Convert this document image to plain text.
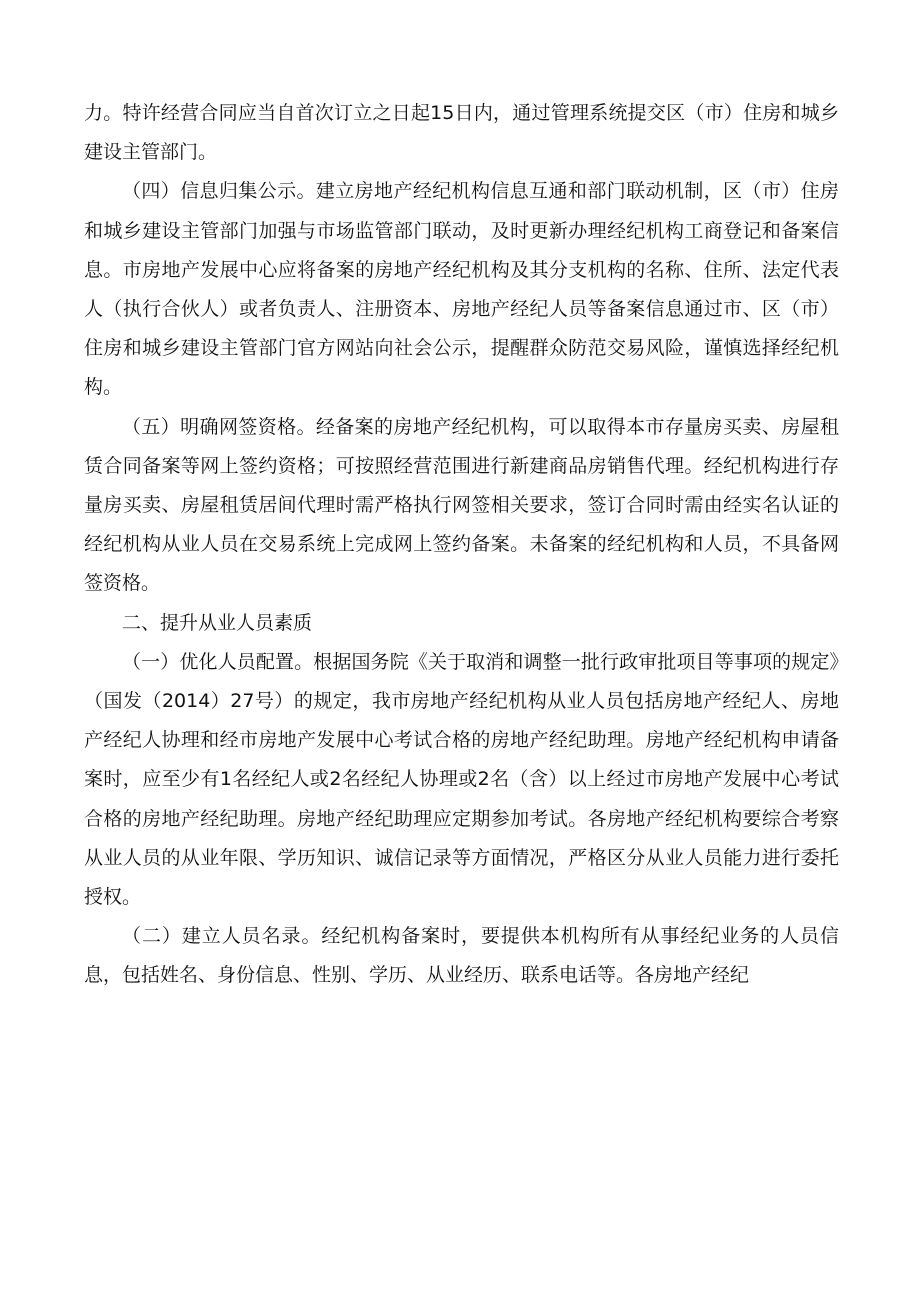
力。特许经营合同应当自首次订立之日起15日内，通过管理系统提交区（市）住房和城乡建设主管部门。

（四）信息归集公示。建立房地产经纪机构信息互通和部门联动机制，区（市）住房和城乡建设主管部门加强与市场监管部门联动，及时更新办理经纪机构工商登记和备案信息。市房地产发展中心应将备案的房地产经纪机构及其分支机构的名称、住所、法定代表人（执行合伙人）或者负责人、注册资本、房地产经纪人员等备案信息通过市、区（市）住房和城乡建设主管部门官方网站向社会公示，提醒群众防范交易风险，谨慎选择经纪机构。

（五）明确网签资格。经备案的房地产经纪机构，可以取得本市存量房买卖、房屋租赁合同备案等网上签约资格；可按照经营范围进行新建商品房销售代理。经纪机构进行存量房买卖、房屋租赁居间代理时需严格执行网签相关要求，签订合同时需由经实名认证的经纪机构从业人员在交易系统上完成网上签约备案。未备案的经纪机构和人员，不具备网签资格。

二、提升从业人员素质

（一）优化人员配置。根据国务院《关于取消和调整一批行政审批项目等事项的规定》（国发（2014）27号）的规定，我市房地产经纪机构从业人员包括房地产经纪人、房地产经纪人协理和经市房地产发展中心考试合格的房地产经纪助理。房地产经纪机构申请备案时，应至少有1名经纪人或2名经纪人协理或2名（含）以上经过市房地产发展中心考试合格的房地产经纪助理。房地产经纪助理应定期参加考试。各房地产经纪机构要综合考察从业人员的从业年限、学历知识、诚信记录等方面情况，严格区分从业人员能力进行委托授权。

（二）建立人员名录。经纪机构备案时，要提供本机构所有从事经纪业务的人员信息，包括姓名、身份信息、性别、学历、从业经历、联系电话等。各房地产经纪
